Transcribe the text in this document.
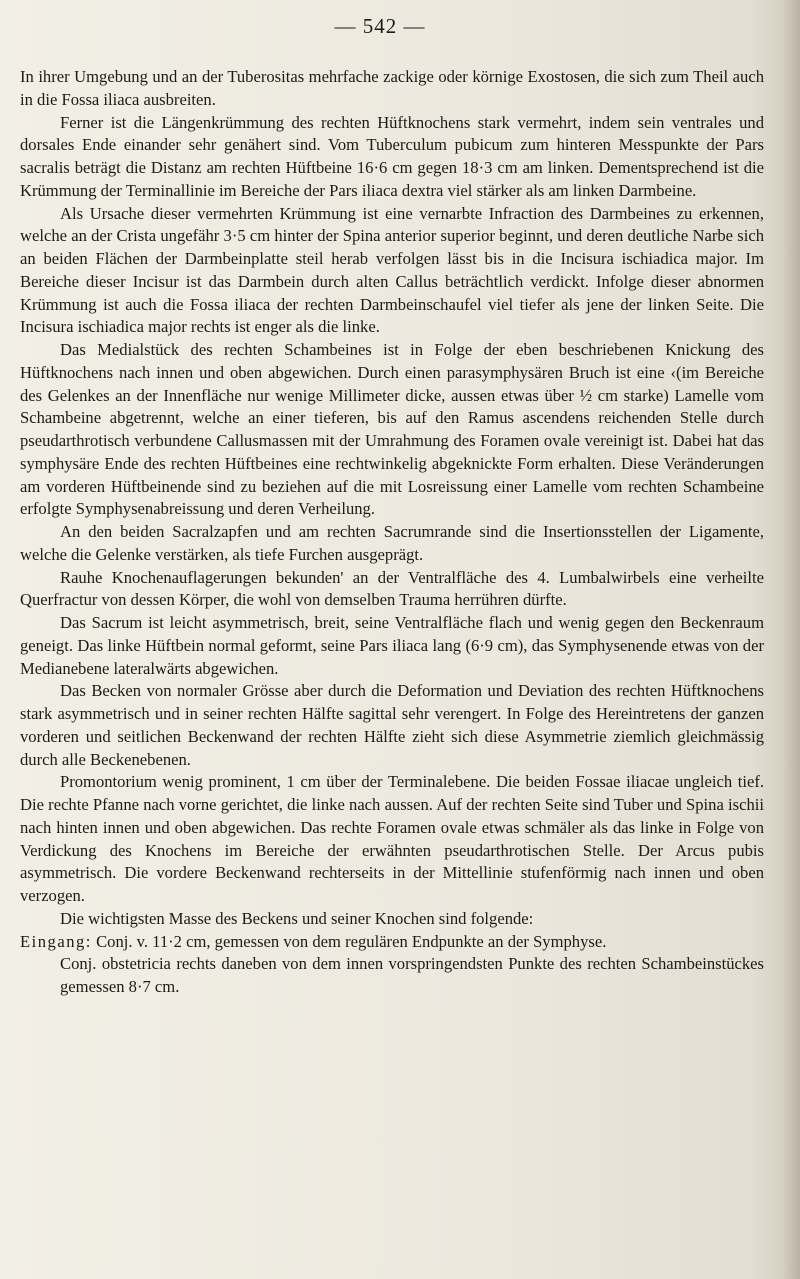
— 542 —

In ihrer Umgebung und an der Tuberositas mehrfache zackige oder körnige Exostosen, die sich zum Theil auch in die Fossa iliaca ausbreiten.

Ferner ist die Längenkrümmung des rechten Hüftknochens stark vermehrt, indem sein ventrales und dorsales Ende einander sehr genähert sind. Vom Tuberculum pubicum zum hinteren Messpunkte der Pars sacralis beträgt die Distanz am rechten Hüftbeine 16·6 cm gegen 18·3 cm am linken. Dementsprechend ist die Krümmung der Terminallinie im Bereiche der Pars iliaca dextra viel stärker als am linken Darmbeine.

Als Ursache dieser vermehrten Krümmung ist eine vernarbte Infraction des Darmbeines zu erkennen, welche an der Crista ungefähr 3·5 cm hinter der Spina anterior superior beginnt, und deren deutliche Narbe sich an beiden Flächen der Darmbeinplatte steil herab verfolgen lässt bis in die Incisura ischiadica major. Im Bereiche dieser Incisur ist das Darmbein durch alten Callus beträchtlich verdickt. Infolge dieser abnormen Krümmung ist auch die Fossa iliaca der rechten Darmbeinschaufel viel tiefer als jene der linken Seite. Die Incisura ischiadica major rechts ist enger als die linke.

Das Medialstück des rechten Schambeines ist in Folge der eben beschriebenen Knickung des Hüftknochens nach innen und oben abgewichen. Durch einen parasymphysären Bruch ist eine ‹(im Bereiche des Gelenkes an der Innenfläche nur wenige Millimeter dicke, aussen etwas über ½ cm starke) Lamelle vom Schambeine abgetrennt, welche an einer tieferen, bis auf den Ramus ascendens reichenden Stelle durch pseudarthrotisch verbundene Callusmassen mit der Umrahmung des Foramen ovale vereinigt ist. Dabei hat das symphysäre Ende des rechten Hüftbeines eine rechtwinkelig abgeknickte Form erhalten. Diese Veränderungen am vorderen Hüftbeinende sind zu beziehen auf die mit Losreissung einer Lamelle vom rechten Schambeine erfolgte Symphysenabreissung und deren Verheilung.

An den beiden Sacralzapfen und am rechten Sacrumrande sind die Insertionsstellen der Ligamente, welche die Gelenke verstärken, als tiefe Furchen ausgeprägt.

Rauhe Knochenauflagerungen bekunden' an der Ventralfläche des 4. Lumbalwirbels eine verheilte Querfractur von dessen Körper, die wohl von demselben Trauma herrühren dürfte.

Das Sacrum ist leicht asymmetrisch, breit, seine Ventralfläche flach und wenig gegen den Beckenraum geneigt. Das linke Hüftbein normal geformt, seine Pars iliaca lang (6·9 cm), das Symphysenende etwas von der Medianebene lateralwärts abgewichen.

Das Becken von normaler Grösse aber durch die Deformation und Deviation des rechten Hüftknochens stark asymmetrisch und in seiner rechten Hälfte sagittal sehr verengert. In Folge des Hereintretens der ganzen vorderen und seitlichen Beckenwand der rechten Hälfte zieht sich diese Asymmetrie ziemlich gleichmässig durch alle Beckenebenen.

Promontorium wenig prominent, 1 cm über der Terminalebene. Die beiden Fossae iliacae ungleich tief. Die rechte Pfanne nach vorne gerichtet, die linke nach aussen. Auf der rechten Seite sind Tuber und Spina ischii nach hinten innen und oben abgewichen. Das rechte Foramen ovale etwas schmäler als das linke in Folge von Verdickung des Knochens im Bereiche der erwähnten pseudarthrotischen Stelle. Der Arcus pubis asymmetrisch. Die vordere Beckenwand rechterseits in der Mittellinie stufenförmig nach innen und oben verzogen.

Die wichtigsten Masse des Beckens und seiner Knochen sind folgende:

Eingang: Conj. v. 11·2 cm, gemessen von dem regulären Endpunkte an der Symphyse.

Conj. obstetricia rechts daneben von dem innen vorspringendsten Punkte des rechten Schambeinstückes gemessen 8·7 cm.
